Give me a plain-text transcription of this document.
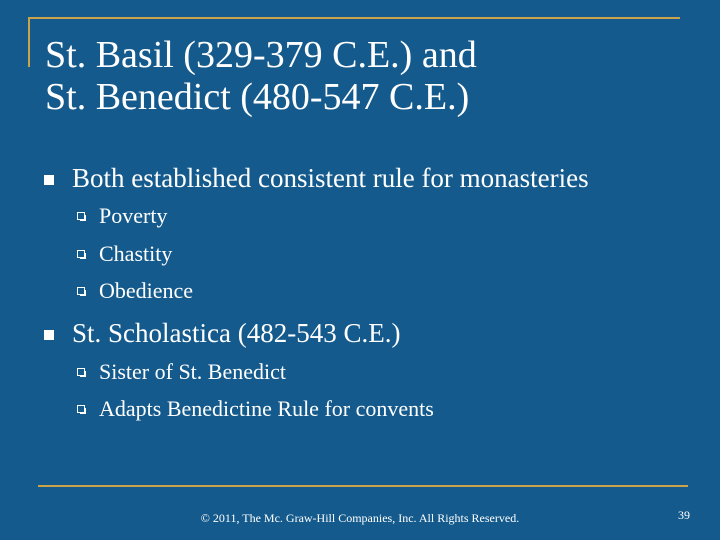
St. Basil (329-379 C.E.) and
St. Benedict (480-547 C.E.)
Both established consistent rule for monasteries
Poverty
Chastity
Obedience
St. Scholastica (482-543 C.E.)
Sister of St. Benedict
Adapts Benedictine Rule for convents
© 2011, The Mc. Graw-Hill Companies, Inc. All Rights Reserved.	39
